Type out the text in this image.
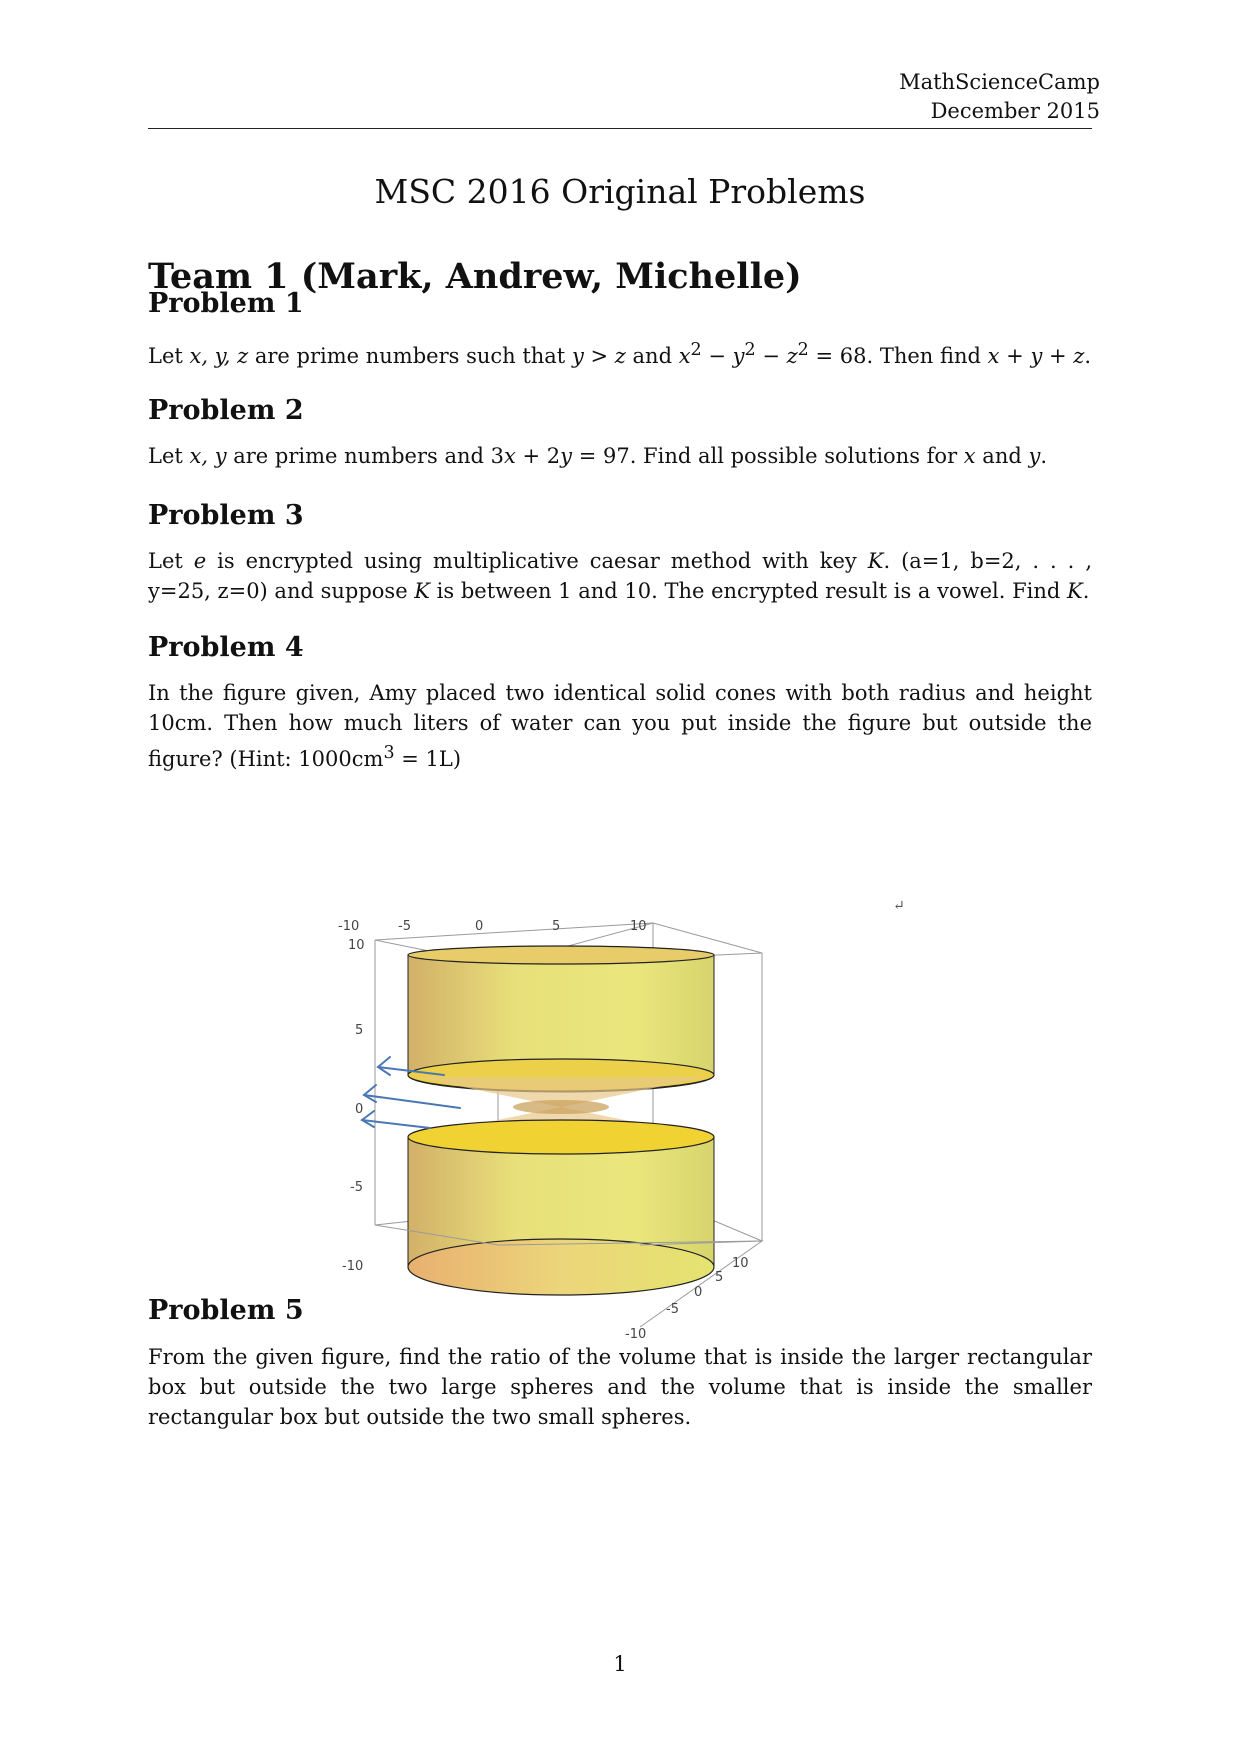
MathScienceCamp
December 2015
MSC 2016 Original Problems
Team 1 (Mark, Andrew, Michelle)
Problem 1

Let x, y, z are prime numbers such that y > z and $x^2 - y^2 - z^2 = 68$. Then find x + y + z.

Problem 2

Let x, y are prime numbers and 3x + 2y = 97. Find all possible solutions for x and y.

Problem 3

Let e is encrypted using multiplicative caesar method with key K. (a=1, b=2, . . . , y=25, z=0) and suppose K is between 1 and 10. The encrypted result is a vowel. Find K.

Problem 4

In the figure given, Amy placed two identical solid cones with both radius and height 10cm. Then how much liters of water can you put inside the figure but outside the figure? (Hint: $1000cm^3 = 1L$)

-10	-5	0	5	10
10
5
0
-5
-10	10
5
0
-5
-10
↵
Problem 5

From the given figure, find the ratio of the volume that is inside the larger rectangular box but outside the two large spheres and the volume that is inside the smaller rectangular box but outside the two small spheres.

1
